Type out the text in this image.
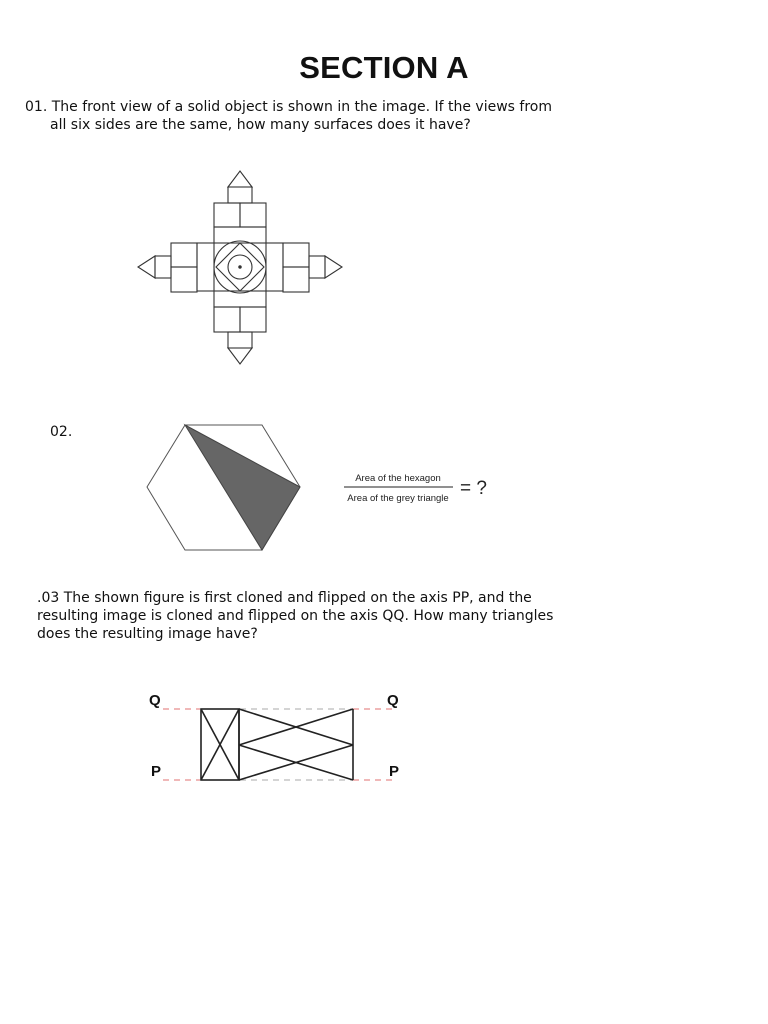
SECTION A
01. The front view of a solid object is shown in the image. If the views from
all six sides are the same, how many surfaces does it have?
02.
Area of the hexagon
Area of the grey triangle = ?
.03 The shown figure is first cloned and flipped on the axis PP, and the
resulting image is cloned and flipped on the axis QQ. How many triangles
does the resulting image have?
Q	Q
P	P
